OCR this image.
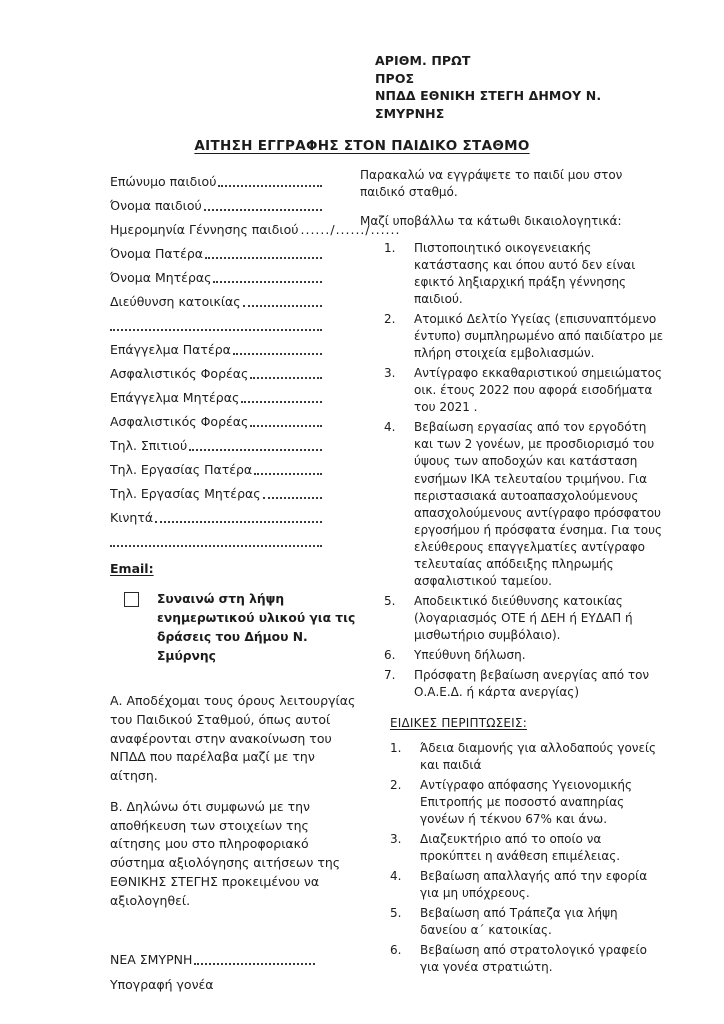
ΑΡΙΘΜ. ΠΡΩΤ
ΠΡΟΣ
ΝΠΔΔ ΕΘΝΙΚΗ ΣΤΕΓΗ ΔΗΜΟΥ Ν.
ΣΜΥΡΝΗΣ
ΑΙΤΗΣΗ ΕΓΓΡΑΦΗΣ ΣΤΟΝ ΠΑΙΔΙΚΟ ΣΤΑΘΜΟ
Επώνυμο παιδιού
Όνομα παιδιού
Ημερομηνία Γέννησης παιδιού ....../....../......
Όνομα Πατέρα
Όνομα Μητέρας
Διεύθυνση κατοικίας
Επάγγελμα Πατέρα
Ασφαλιστικός Φορέας
Επάγγελμα Μητέρας
Ασφαλιστικός Φορέας
Τηλ. Σπιτιού
Τηλ. Εργασίας Πατέρα
Τηλ. Εργασίας Μητέρας
Κινητά
Email:
Συναινώ στη λήψη ενημερωτικού υλικού για τις δράσεις του Δήμου Ν. Σμύρνης
Α. Αποδέχομαι τους όρους λειτουργίας του Παιδικού Σταθμού, όπως αυτοί αναφέρονται στην ανακοίνωση του ΝΠΔΔ που παρέλαβα μαζί με την αίτηση.
Β. Δηλώνω ότι συμφωνώ με την αποθήκευση των στοιχείων της αίτησης μου στο πληροφοριακό σύστημα αξιολόγησης αιτήσεων της ΕΘΝΙΚΗΣ ΣΤΕΓΗΣ προκειμένου να αξιολογηθεί.
ΝΕΑ ΣΜΥΡΝΗ
Υπογραφή γονέα
Παρακαλώ να εγγράψετε το παιδί μου στον παιδικό σταθμό.
Μαζί υποβάλλω τα κάτωθι δικαιολογητικά:
1.	Πιστοποιητικό οικογενειακής κατάστασης και όπου αυτό δεν είναι εφικτό ληξιαρχική πράξη γέννησης παιδιού.
2.	Ατομικό Δελτίο Υγείας (επισυναπτόμενο έντυπο) συμπληρωμένο από παιδίατρο με πλήρη στοιχεία εμβολιασμών.
3.	Αντίγραφο εκκαθαριστικού σημειώματος οικ. έτους 2022 που αφορά εισοδήματα του 2021 .
4.	Βεβαίωση εργασίας από τον εργοδότη και των 2 γονέων, με προσδιορισμό του ύψους των αποδοχών και κατάσταση ενσήμων ΙΚΑ τελευταίου τριμήνου. Για περιστασιακά αυτοαπασχολούμενους απασχολούμενους αντίγραφο πρόσφατου εργοσήμου ή πρόσφατα ένσημα. Για τους ελεύθερους επαγγελματίες αντίγραφο τελευταίας απόδειξης πληρωμής ασφαλιστικού ταμείου.
5.	Αποδεικτικό διεύθυνσης κατοικίας (λογαριασμός ΟΤΕ ή ΔΕΗ ή ΕΥΔΑΠ ή μισθωτήριο συμβόλαιο).
6.	Υπεύθυνη δήλωση.
7.	Πρόσφατη βεβαίωση ανεργίας από τον Ο.Α.Ε.Δ. ή κάρτα ανεργίας)
ΕΙΔΙΚΕΣ ΠΕΡΙΠΤΩΣΕΙΣ:
1.	Άδεια διαμονής για αλλοδαπούς γονείς και παιδιά
2.	Αντίγραφο απόφασης Υγειονομικής Επιτροπής με ποσοστό αναπηρίας γονέων ή τέκνου 67% και άνω.
3.	Διαζευκτήριο από το οποίο να προκύπτει η ανάθεση επιμέλειας.
4.	Βεβαίωση απαλλαγής από την εφορία για μη υπόχρεους.
5.	Βεβαίωση από Τράπεζα για λήψη δανείου α΄ κατοικίας.
6.	Βεβαίωση από στρατολογικό γραφείο για γονέα στρατιώτη.
